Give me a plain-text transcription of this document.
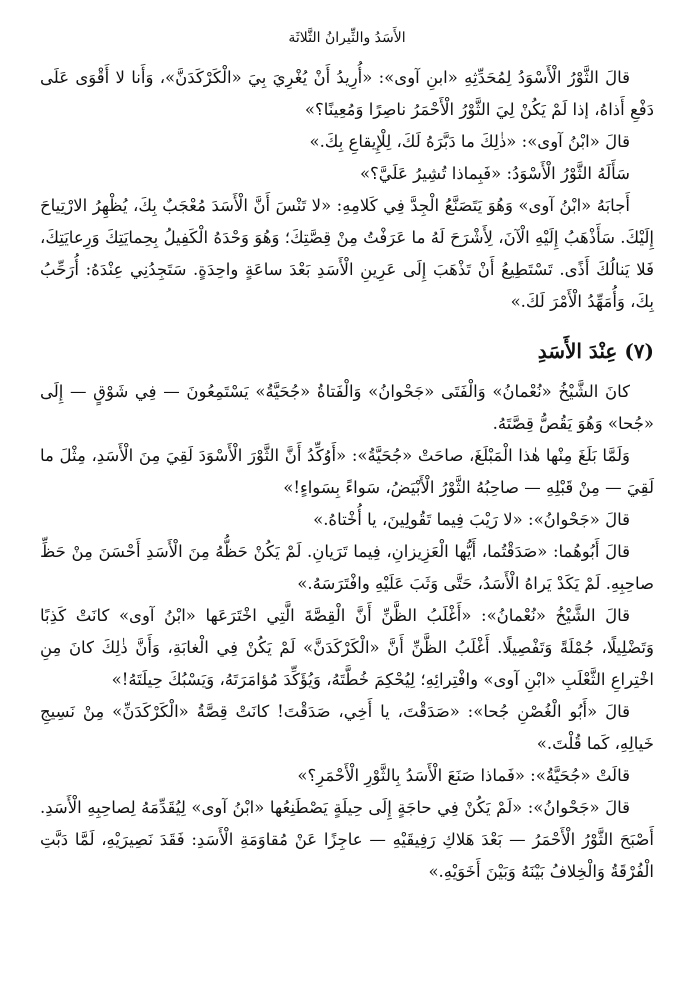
الأَسَدُ والثِّيرانُ الثَّلاثَة

قالَ الثَّوْرُ الْأَسْوَدُ لِمُحَدِّثِهِ «ابنِ آوى»: «أُرِيدُ أَنْ يُغْرِيَ بِيَ «الْكَرْكَدَنَّ»، وَأَنا لا أَقْوَى عَلَى دَفْعِ أَذاهُ، إذا لَمْ يَكُنْ لِيَ الثَّوْرُ الْأَحْمَرُ ناصِرًا وَمُعِينًا؟»

قالَ «ابْنُ آوى»: «ذٰلِكَ ما دَبَّرَهُ لَكَ، لِلْإِيقاعِ بِكَ.»

سَأَلَهُ الثَّوْرُ الْأَسْوَدُ: «فَبِماذا تُشِيرُ عَلَيَّ؟»

أَجابَهُ «ابْنُ آوى» وَهُوَ يَتَصَنَّعُ الْجِدَّ فِي كَلامِهِ: «لا تَنْسَ أَنَّ الْأَسَدَ مُعْجَبٌ بِكَ، يُظْهِرُ الارْتِياحَ إِلَيْكَ. سَأَذْهَبُ إِلَيْهِ الْآنَ، لِأَشْرَحَ لَهُ ما عَرَفْتُ مِنْ قِصَّتِكَ؛ وَهُوَ وَحْدَهُ الْكَفِيلُ بِحِمايَتِكَ وَرِعايَتِكَ، فَلا يَنالُكَ أَذًى. تَسْتَطِيعُ أَنْ تَذْهَبَ إِلَى عَرِينِ الْأَسَدِ بَعْدَ ساعَةٍ واحِدَةٍ. سَتَجِدُنِي عِنْدَهُ: أُرَحِّبُ بِكَ، وَأُمَهِّدُ الْأَمْرَ لَكَ.»

(٧) عِنْدَ الأَسَدِ

كانَ الشَّيْخُ «نُعْمانُ» وَالْفَتَى «جَحْوانُ» وَالْفَتاةُ «جُحَيَّةُ» يَسْتَمِعُونَ — فِي شَوْقٍ — إِلَى «جُحا» وَهُوَ يَقُصُّ قِصَّتَهُ.

وَلَمَّا بَلَغَ مِنْها هٰذا الْمَبْلَغَ، صاحَتْ «جُحَيَّةُ»: «أَوُكِّدُ أَنَّ الثَّوْرَ الْأَسْوَدَ لَقِيَ مِنَ الْأَسَدِ، مِثْلَ ما لَقِيَ — مِنْ قَبْلِهِ — صاحِبُهُ الثَّوْرُ الْأَبْيَضُ، سَواءً بِسَواءٍ!»

قالَ «جَحْوانُ»: «لا رَيْبَ فِيما تَقُولِينَ، يا أُخْتاهُ.»

قالَ أَبُوهُما: «صَدَقْتُما، أَيُّها الْعَزِيزانِ، فِيما تَرَيانِ. لَمْ يَكُنْ حَظُّهُ مِنَ الْأَسَدِ أَحْسَنَ مِنْ حَظِّ صاحِبِهِ. لَمْ يَكَدْ يَراهُ الْأَسَدُ، حَتَّى وَثَبَ عَلَيْهِ وافْتَرَسَهُ.»

قالَ الشَّيْخُ «نُعْمانُ»: «أَغْلَبُ الظَّنِّ أَنَّ الْقِصَّةَ الَّتِي اخْتَرَعَها «ابْنُ آوى» كانَتْ كَذِبًا وَتَضْلِيلًا، جُمْلَةً وَتَفْصِيلًا. أَغْلَبُ الظَّنِّ أَنَّ «الْكَرْكَدَنَّ» لَمْ يَكُنْ فِي الْغابَةِ، وَأَنَّ ذٰلِكَ كانَ مِنِ اخْتِراعِ الثَّعْلَبِ «ابْنِ آوى» وافْتِرائِهِ؛ لِيُحْكِمَ خُطَّتَهُ، وَيُؤَكِّدَ مُؤامَرَتَهُ، وَيَسْبُكَ حِيلَتَهُ!»

قالَ «أَبُو الْغُصْنِ جُحا»: «صَدَقْتَ، يا أَخِي، صَدَقْتَ! كانَتْ قِصَّةُ «الْكَرْكَدَنِّ» مِنْ نَسِيجِ خَيالِهِ، كَما قُلْتَ.»

قالَتْ «جُحَيَّةُ»: «فَماذا صَنَعَ الْأَسَدُ بِالثَّوْرِ الْأَحْمَرِ؟»

قالَ «جَحْوانُ»: «لَمْ يَكُنْ فِي حاجَةٍ إِلَى حِيلَةٍ يَصْطَنِعُها «ابْنُ آوى» لِيُقَدِّمَهُ لِصاحِبِهِ الْأَسَدِ. أَصْبَحَ الثَّوْرُ الْأَحْمَرُ — بَعْدَ هَلاكِ رَفِيقَيْهِ — عاجِزًا عَنْ مُقاوَمَةِ الْأَسَدِ: فَقَدَ نَصِيرَيْهِ، لَمَّا دَبَّتِ الْفُرْقَةُ وَالْخِلافُ بَيْنَهُ وَبَيْنَ أَخَوَيْهِ.»
